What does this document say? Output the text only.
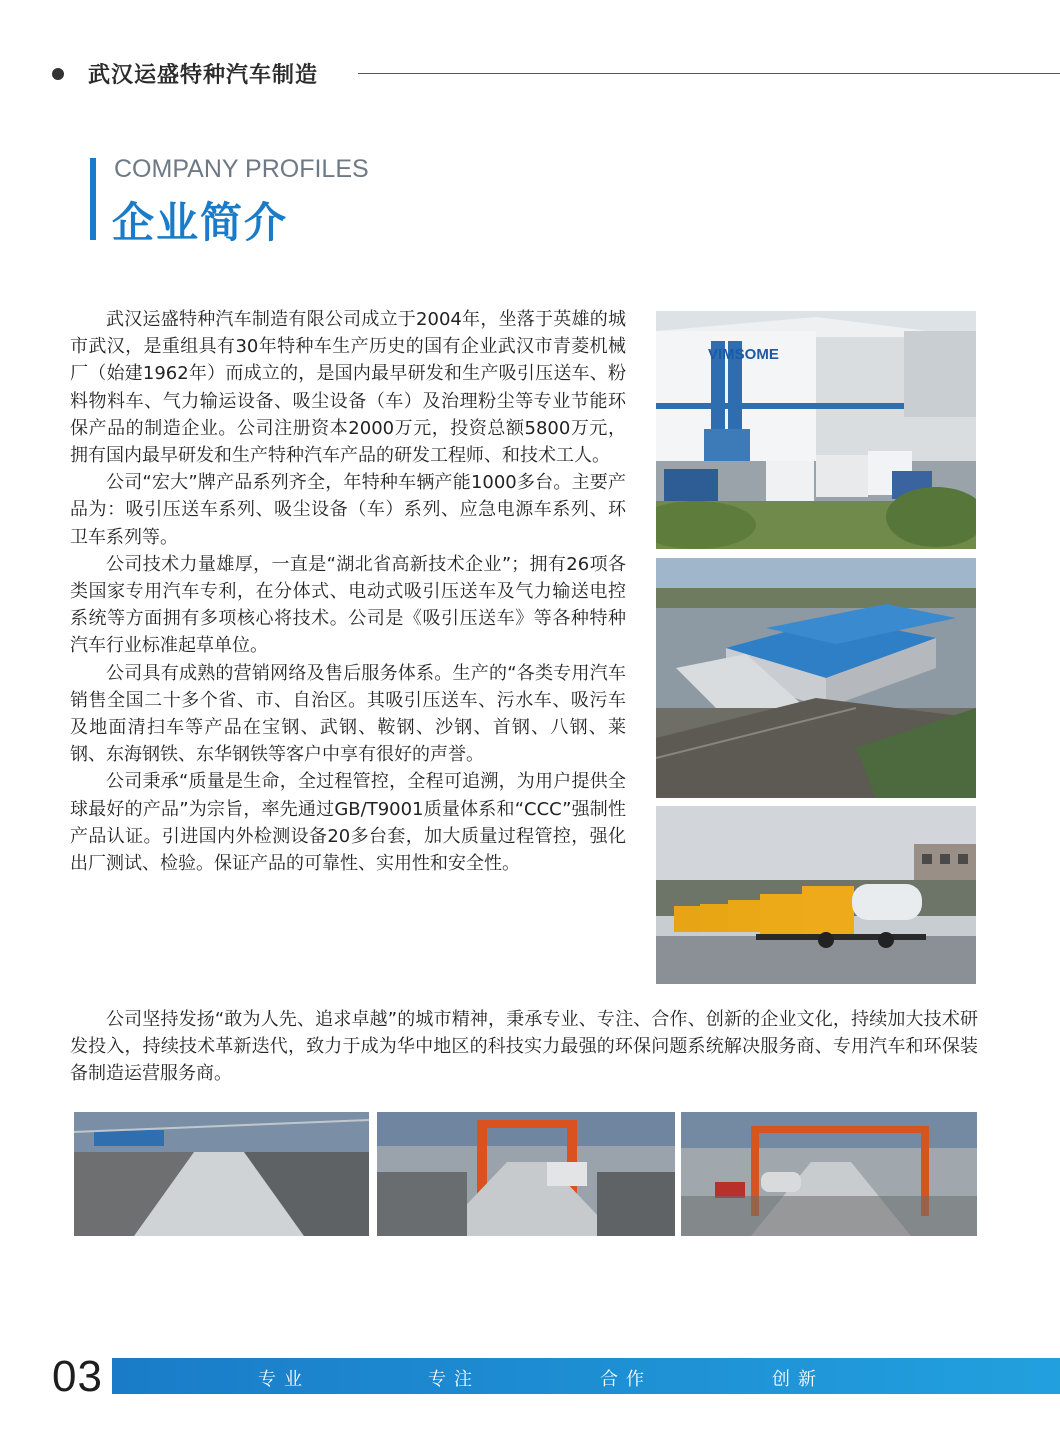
武汉运盛特种汽车制造
COMPANY PROFILES
企业简介

武汉运盛特种汽车制造有限公司成立于2004年，坐落于英雄的城市武汉，是重组具有30年特种车生产历史的国有企业武汉市青菱机械厂（始建1962年）而成立的，是国内最早研发和生产吸引压送车、粉料物料车、气力输运设备、吸尘设备（车）及治理粉尘等专业节能环保产品的制造企业。公司注册资本2000万元，投资总额5800万元，拥有国内最早研发和生产特种汽车产品的研发工程师、和技术工人。

公司“宏大”牌产品系列齐全，年特种车辆产能1000多台。主要产品为：吸引压送车系列、吸尘设备（车）系列、应急电源车系列、环卫车系列等。

公司技术力量雄厚，一直是“湖北省高新技术企业”；拥有26项各类国家专用汽车专利，在分体式、电动式吸引压送车及气力输送电控系统等方面拥有多项核心将技术。公司是《吸引压送车》等各种特种汽车行业标准起草单位。

公司具有成熟的营销网络及售后服务体系。生产的“各类专用汽车销售全国二十多个省、市、自治区。其吸引压送车、污水车、吸污车及地面清扫车等产品在宝钢、武钢、鞍钢、沙钢、首钢、八钢、莱钢、东海钢铁、东华钢铁等客户中享有很好的声誉。

公司秉承“质量是生命，全过程管控，全程可追溯，为用户提供全球最好的产品”为宗旨，率先通过GB/T9001质量体系和“CCC”强制性产品认证。引进国内外检测设备20多台套，加大质量过程管控，强化出厂测试、检验。保证产品的可靠性、实用性和安全性。

公司坚持发扬“敢为人先、追求卓越”的城市精神，秉承专业、专注、合作、创新的企业文化，持续加大技术研发投入，持续技术革新迭代，致力于成为华中地区的科技实力最强的环保问题系统解决服务商、专用汽车和环保装备制造运营服务商。

VIMSOME
03	专业	专注	合作	创新
